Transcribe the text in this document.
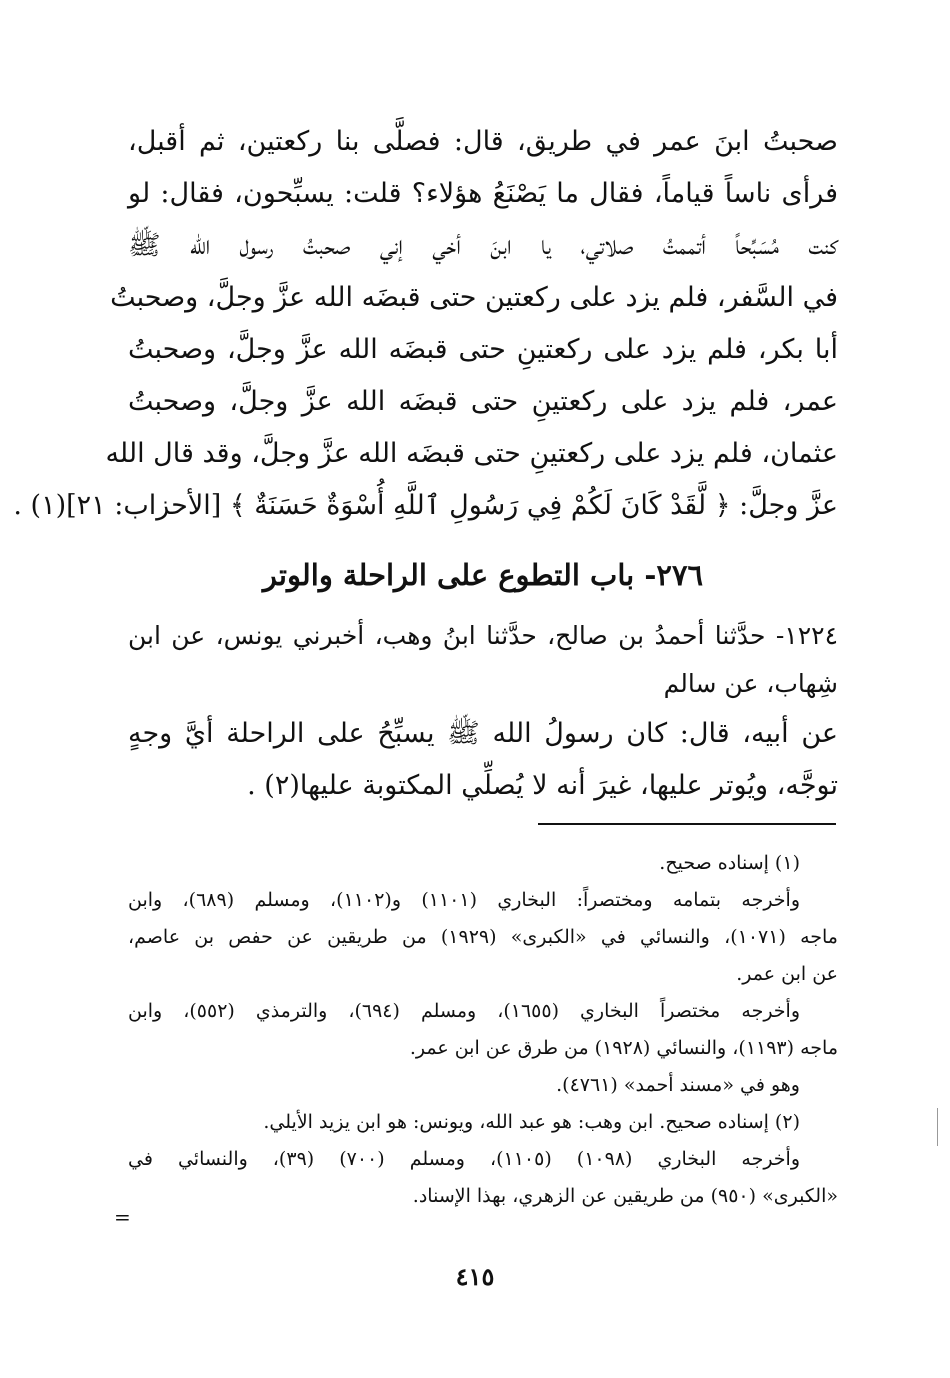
صحبتُ ابنَ عمر في طريق، قال: فصلَّى بنا ركعتين، ثم أقبل،
فرأى ناساً قياماً، فقال ما يَصْنَعُ هؤلاء؟ قلت: يسبِّحون، فقال: لو
كنت مُسَبِّحاً أتممتُ صلاتي، يا ابنَ أخي إني صحبتُ رسول الله ﷺ
في السَّفر، فلم يزد على ركعتين حتى قبضَه الله عزَّ وجلَّ، وصحبتُ
أبا بكر، فلم يزد على ركعتينِ حتى قبضَه الله عزَّ وجلَّ، وصحبتُ
عمر، فلم يزد على ركعتينِ حتى قبضَه الله عزَّ وجلَّ، وصحبتُ
عثمان، فلم يزد على ركعتينِ حتى قبضَه الله عزَّ وجلَّ، وقد قال الله
عزَّ وجلَّ: ﴿ لَّقَدْ كَانَ لَكُمْ فِي رَسُولِ ٱللَّهِ أُسْوَةٌ حَسَنَةٌ ﴾ [الأحزاب: ٢١](١) .
٢٧٦- باب التطوع على الراحلة والوتر
١٢٢٤- حدَّثنا أحمدُ بن صالح، حدَّثنا ابنُ وهب، أخبرني يونس، عن ابن
شِهاب، عن سالم
عن أبيه، قال: كان رسولُ الله ﷺ يسبِّحُ على الراحلة أيَّ وجهٍ
توجَّه، ويُوتر عليها، غيرَ أنه لا يُصلِّي المكتوبة عليها(٢) .
(١) إسناده صحيح.
وأخرجه بتمامه ومختصراً: البخاري (١١٠١) و(١١٠٢)، ومسلم (٦٨٩)، وابن
ماجه (١٠٧١)، والنسائي في «الكبرى» (١٩٢٩) من طريقين عن حفص بن عاصم،
عن ابن عمر.
وأخرجه مختصراً البخاري (١٦٥٥)، ومسلم (٦٩٤)، والترمذي (٥٥٢)، وابن
ماجه (١١٩٣)، والنسائي (١٩٢٨) من طرق عن ابن عمر.
وهو في «مسند أحمد» (٤٧٦١).
(٢) إسناده صحيح. ابن وهب: هو عبد الله، ويونس: هو ابن يزيد الأيلي.
وأخرجه البخاري (١٠٩٨) (١١٠٥)، ومسلم (٧٠٠) (٣٩)، والنسائي في
«الكبرى» (٩٥٠) من طريقين عن الزهري، بهذا الإسناد.
=
٤١٥
